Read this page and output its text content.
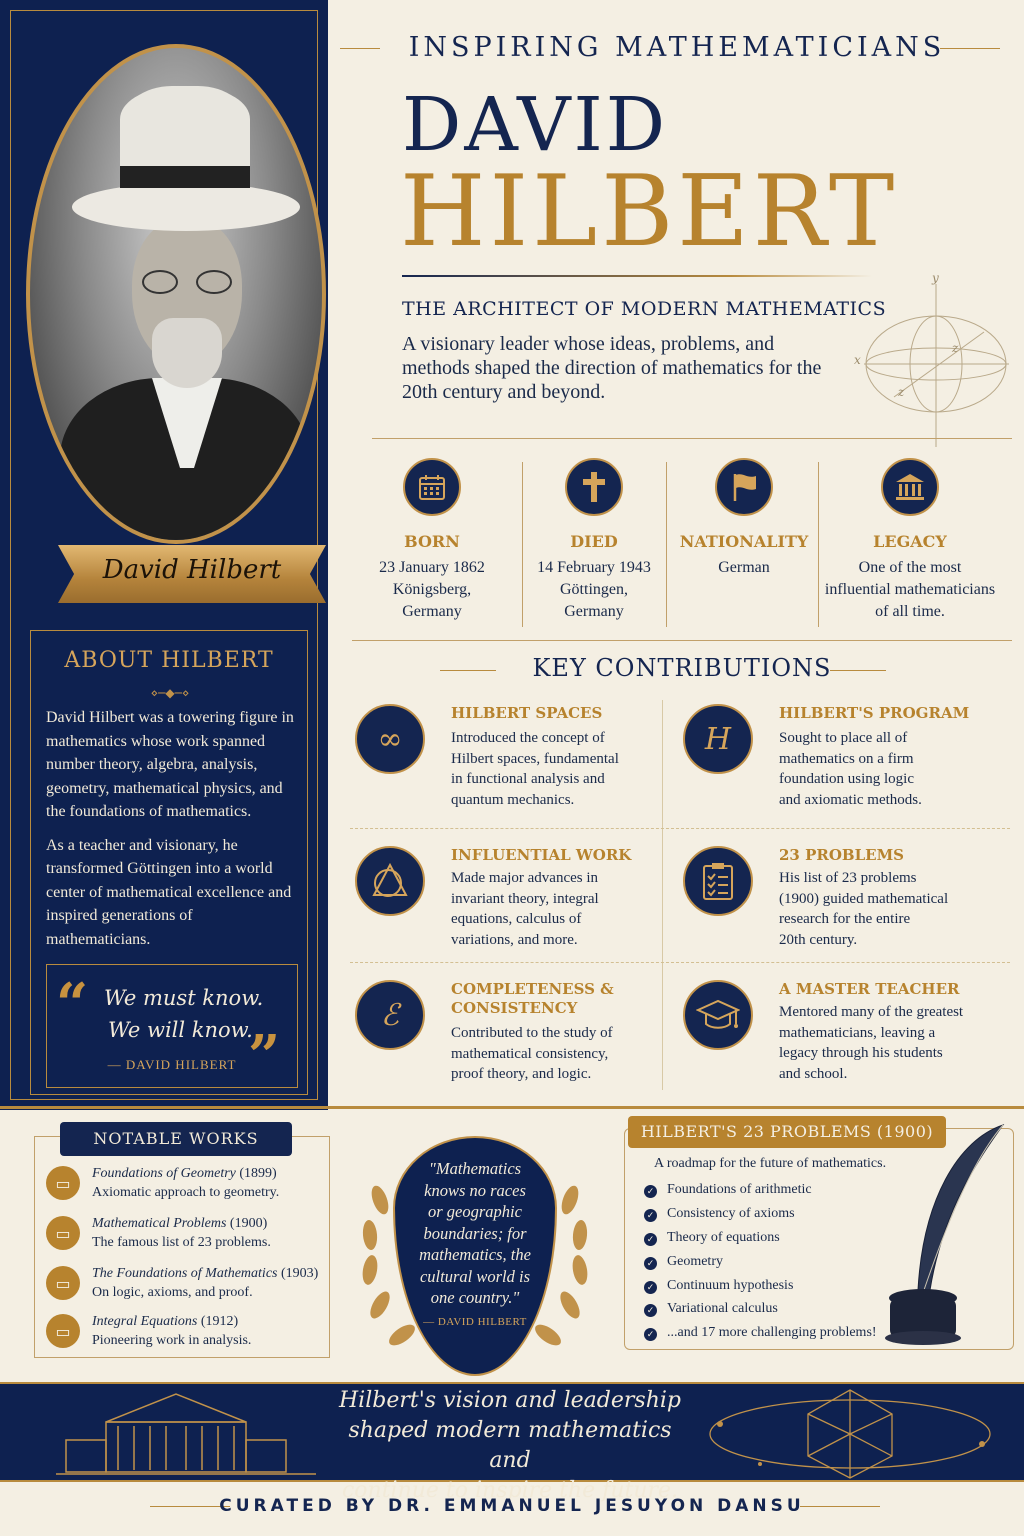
David Hilbert
ABOUT HILBERT
⋄─◆─⋄

David Hilbert was a towering figure in mathematics whose work spanned number theory, algebra, analysis, geometry, mathematical physics, and the foundations of mathematics.

As a teacher and visionary, he transformed Göttingen into a world center of mathematical excellence and inspired generations of mathematicians.

“ We must know.
We will know.
”
— DAVID HILBERT
INSPIRING MATHEMATICIANS
DAVID
HILBERT
THE ARCHITECT OF MODERN MATHEMATICS
A visionary leader whose ideas, problems, and methods shaped the direction of mathematics for the 20th century and beyond.
y
x
z
z
BORN
23 January 1862
Königsberg,
Germany
DIED
14 February 1943
Göttingen,
Germany
NATIONALITY
German
LEGACY
One of the most
influential mathematicians
of all time.
KEY CONTRIBUTIONS
∞
HILBERT SPACES
Introduced the concept of
Hilbert spaces, fundamental
in functional analysis and
quantum mechanics.
H
HILBERT'S PROGRAM
Sought to place all of
mathematics on a firm
foundation using logic
and axiomatic methods.
INFLUENTIAL WORK
Made major advances in
invariant theory, integral
equations, calculus of
variations, and more.
23 PROBLEMS
His list of 23 problems
(1900) guided mathematical
research for the entire
20th century.
ℰ
COMPLETENESS &
CONSISTENCY
Contributed to the study of
mathematical consistency,
proof theory, and logic.
A MASTER TEACHER
Mentored many of the greatest
mathematicians, leaving a
legacy through his students
and school.
NOTABLE WORKS
▭	Foundations of Geometry (1899)
Axiomatic approach to geometry.
▭	Mathematical Problems (1900)
The famous list of 23 problems.
▭	The Foundations of Mathematics (1903)
On logic, axioms, and proof.
▭	Integral Equations (1912)
Pioneering work in analysis.
"Mathematics
knows no races
or geographic
boundaries; for
mathematics, the
cultural world is
one country."
— DAVID HILBERT
HILBERT'S 23 PROBLEMS (1900)
A roadmap for the future of mathematics.
✓ Foundations of arithmetic
✓ Consistency of axioms
✓ Theory of equations
✓ Geometry
✓ Continuum hypothesis
✓ Variational calculus
✓ ...and 17 more challenging problems!
Hilbert's vision and leadership
shaped modern mathematics and
continue to inspire the future.
CURATED BY DR. EMMANUEL JESUYON DANSU
